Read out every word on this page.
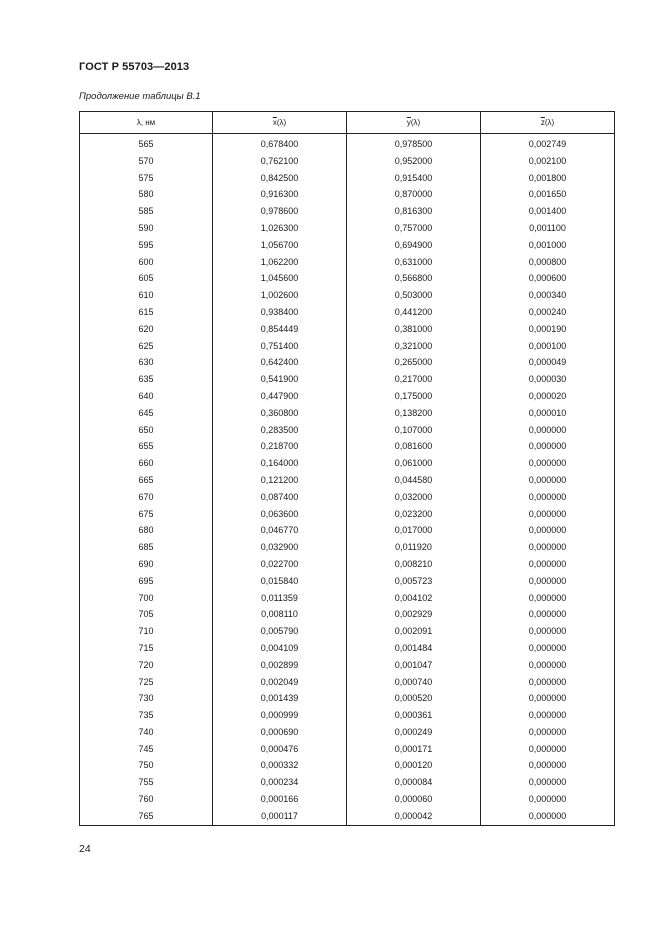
ГОСТ Р 55703—2013
Продолжение таблицы В.1
λ, нм	$\overline{x}(\lambda)$	$\overline{y}(\lambda)$	$\overline{z}(\lambda)$
565	0,678400	0,978500	0,002749
570	0,762100	0,952000	0,002100
575	0,842500	0,915400	0,001800
580	0,916300	0,870000	0,001650
585	0,978600	0,816300	0,001400
590	1,026300	0,757000	0,001100
595	1,056700	0,694900	0,001000
600	1,062200	0,631000	0,000800
605	1,045600	0,566800	0,000600
610	1,002600	0,503000	0,000340
615	0,938400	0,441200	0,000240
620	0,854449	0,381000	0,000190
625	0,751400	0,321000	0,000100
630	0,642400	0,265000	0,000049
635	0,541900	0,217000	0,000030
640	0,447900	0,175000	0,000020
645	0,360800	0,138200	0,000010
650	0,283500	0,107000	0,000000
655	0,218700	0,081600	0,000000
660	0,164000	0,061000	0,000000
665	0,121200	0,044580	0,000000
670	0,087400	0,032000	0,000000
675	0,063600	0,023200	0,000000
680	0,046770	0,017000	0,000000
685	0,032900	0,011920	0,000000
690	0,022700	0,008210	0,000000
695	0,015840	0,005723	0,000000
700	0,011359	0,004102	0,000000
705	0,008110	0,002929	0,000000
710	0,005790	0,002091	0,000000
715	0,004109	0,001484	0,000000
720	0,002899	0,001047	0,000000
725	0,002049	0,000740	0,000000
730	0,001439	0,000520	0,000000
735	0,000999	0,000361	0,000000
740	0,000690	0,000249	0,000000
745	0,000476	0,000171	0,000000
750	0,000332	0,000120	0,000000
755	0,000234	0,000084	0,000000
760	0,000166	0,000060	0,000000
765	0,000117	0,000042	0,000000
24
